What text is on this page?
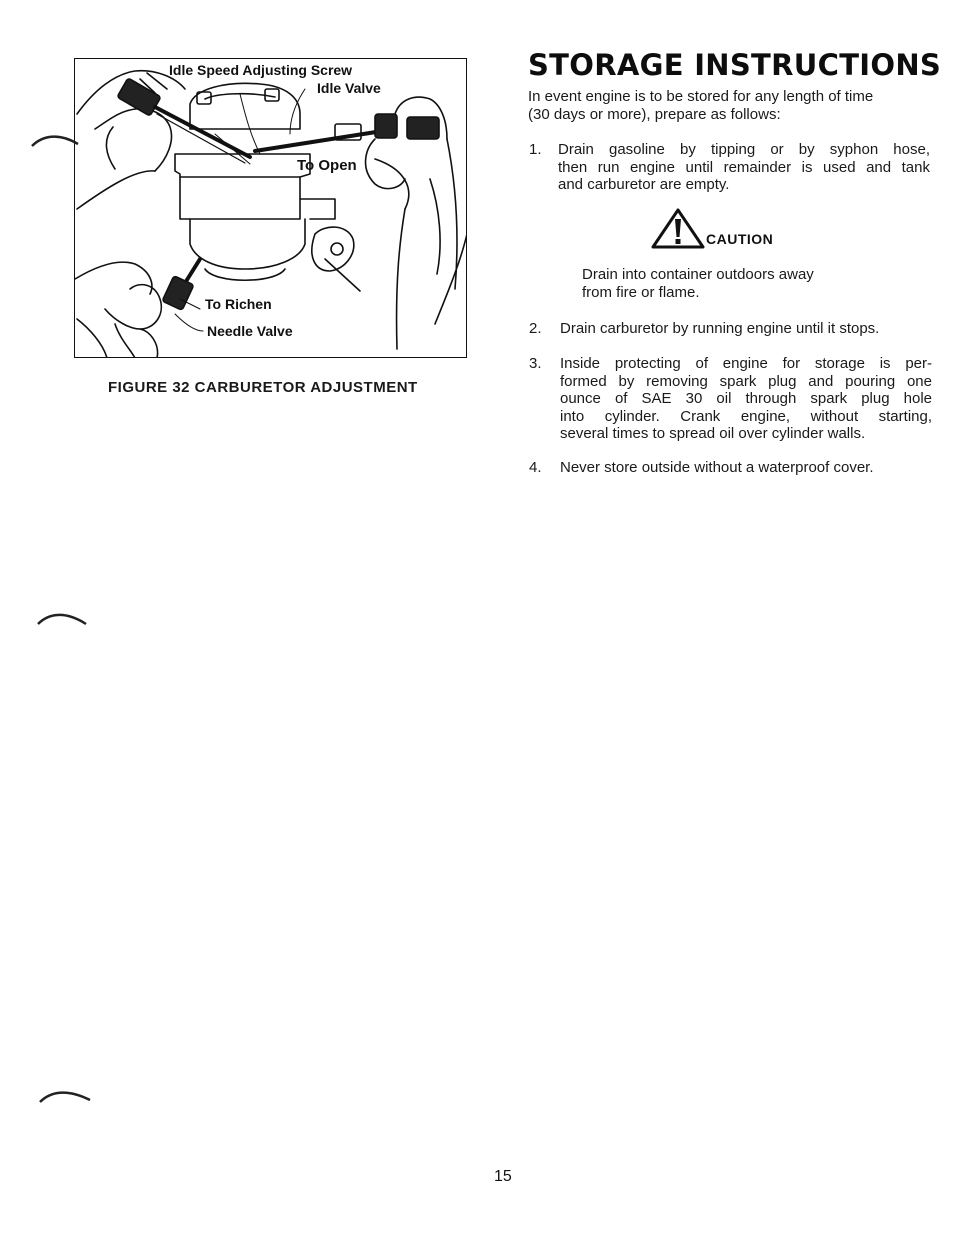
Idle Speed Adjusting Screw
Idle Valve
To Open
To Richen
Needle Valve
FIGURE 32 CARBURETOR ADJUSTMENT
STORAGE INSTRUCTIONS
In event engine is to be stored for any length of time
(30 days or more), prepare as follows:
1. Drain gasoline by tipping or by syphon hose,
then run engine until remainder is used and tank
and carburetor are empty.
CAUTION
Drain into container outdoors away
from fire or flame.
2. Drain carburetor by running engine until it stops.
3. Inside protecting of engine for storage is per-
formed by removing spark plug and pouring one
ounce of SAE 30 oil through spark plug hole
into cylinder. Crank engine, without starting,
several times to spread oil over cylinder walls.
4. Never store outside without a waterproof cover.
15
